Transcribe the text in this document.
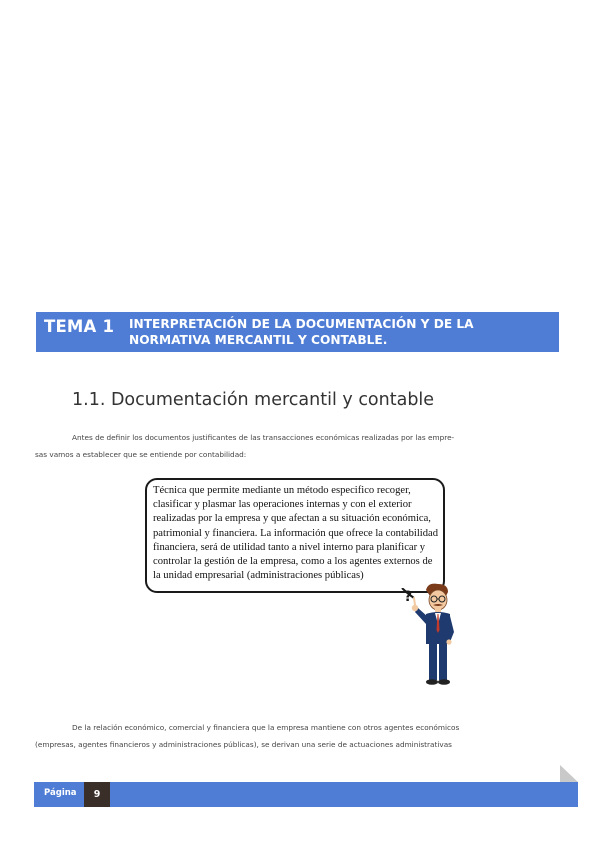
TEMA 1 INTERPRETACIÓN DE LA DOCUMENTACIÓN Y DE LA
NORMATIVA MERCANTIL Y CONTABLE.
1.1. Documentación mercantil y contable

Antes de definir los documentos justificantes de las transacciones económicas realizadas por las empre-
sas vamos a establecer que se entiende por contabilidad:

Técnica que permite mediante un método especifico recoger,
clasificar y plasmar las operaciones internas y con el exterior
realizadas por la empresa y que afectan a su situación económica,
patrimonial y financiera. La información que ofrece la contabilidad
financiera, será de utilidad tanto a nivel interno para planificar y
controlar la gestión de la empresa, como a los agentes externos de
la unidad empresarial (administraciones públicas)
?

De la relación económico, comercial y financiera que la empresa mantiene con otros agentes económicos
(empresas, agentes financieros y administraciones públicas), se derivan una serie de actuaciones administrativas

Página	9
